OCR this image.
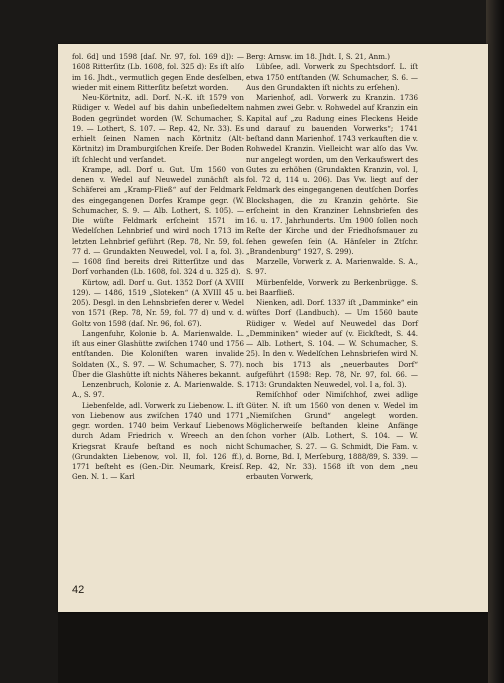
fol. 6d] und 1598 [daſ. Nr. 97, fol. 169 d]): — 1608 Ritterſitz (Lb. 1608, fol. 325 d): Es iſt alſo im 16. Jhdt., vermutlich gegen Ende desſelben, wieder mit einem Ritterſitz beſetzt worden.

Neu-Körtnitz, adl. Dorf. N.-K. iſt 1579 von Rüdiger v. Wedel auf bis dahin unbeſiedeltem Boden gegründet worden (W. Schumacher, S. 19. — Lothert, S. 107. — Rep. 42, Nr. 33). Es erhielt ſeinen Namen nach Körtnitz (Alt-Körtnitz) im Dramburgiſchen Kreiſe. Der Boden iſt ſchlecht und verſandet.

Krampe, adl. Dorf u. Gut. Um 1560 von denen v. Wedel auf Neuwedel zunächſt als Schäferei am „Kramp-Fließ“ auf der Feldmark des eingegangenen Dorfes Krampe gegr. (W. Schumacher, S. 9. — Alb. Lothert, S. 105). — Die wüſte Feldmark erſcheint 1571 im Wedelſchen Lehnbrief und wird noch 1713 im letzten Lehnbrief geführt (Rep. 78, Nr. 59, fol. 77 d. — Grundakten Neuwedel, vol. I a, fol. 3). — 1608 ſind bereits drei Ritterſitze und das Dorf vorhanden (Lb. 1608, fol. 324 d u. 325 d).

Kürtow, adl. Dorf u. Gut. 1352 Dorf (A XVIII 129). — 1486, 1519 „Sloteken“ (A XVIII 45 u. 205). Desgl. in den Lehnsbriefen derer v. Wedel von 1571 (Rep. 78, Nr. 59, fol. 77 d) und v. d. Goltz von 1598 (daſ. Nr. 96, fol. 67).

Langenfuhr, Kolonie b. A. Marienwalde. L. iſt aus einer Glashütte zwiſchen 1740 und 1756 entſtanden. Die Koloniſten waren invalide Soldaten (X., S. 97. — W. Schumacher, S. 77). Über die Glashütte iſt nichts Näheres bekannt.

Lenzenbruch, Kolonie z. A. Marienwalde. S. A., S. 97.

Liebenfelde, adl. Vorwerk zu Liebenow. L. iſt von Liebenow aus zwiſchen 1740 und 1771 gegr. worden. 1740 beim Verkauf Liebenows durch Adam Friedrich v. Wreech an den Kriegsrat Kraufe beſtand es noch nicht (Grundakten Liebenow, vol. II, fol. 126 ff.), 1771 beſteht es (Gen.-Dir. Neumark, Kreisſ. Gen. N. 1. — Karl

Berg: Arnsw. im 18. Jhdt. I, S. 21, Anm.)

Lübſee, adl. Vorwerk zu Spechtsdorf. L. iſt etwa 1750 entſtanden (W. Schumacher, S. 6. — Aus den Grundakten iſt nichts zu erſehen).

Marienhof, adl. Vorwerk zu Kranzin. 1736 nahmen zwei Gebr. v. Rohwedel auf Kranzin ein Kapital auf „zu Radung eines Fleckens Heide und darauf zu bauenden Vorwerks“; 1741 beſtand dann Marienhof. 1743 verkauften die v. Rohwedel Kranzin. Vielleicht war alſo das Vw. nur angelegt worden, um den Verkaufswert des Gutes zu erhöhen (Grundakten Kranzin, vol. I, fol. 72 d, 114 u. 206). Das Vw. liegt auf der Feldmark des eingegangenen deutſchen Dorfes Blockshagen, die zu Kranzin gehörte. Sie erſcheint in den Kranziner Lehnsbriefen des 16. u. 17. Jahrhunderts. Um 1900 ſollen noch Reſte der Kirche und der Friedhofsmauer zu ſehen geweſen ſein (A. Hänſeler in Ztſchr. „Brandenburg“ 1927, S. 299).

Marzelle, Vorwerk z. A. Marienwalde. S. A., S. 97.

Mürbenfelde, Vorwerk zu Berkenbrügge. S. bei Baarfließ.

Nienken, adl. Dorf. 1337 iſt „Damminke“ ein wüſtes Dorf (Landbuch). — Um 1560 baute Rüdiger v. Wedel auf Neuwedel das Dorf „Demminiken“ wieder auf (v. Eickſtedt, S. 44. — Alb. Lothert, S. 104. — W. Schumacher, S. 25). In den v. Wedelſchen Lehnsbriefen wird N. noch bis 1713 als „neuerbautes Dorf“ aufgeführt (1598: Rep. 78, Nr. 97, fol. 66. — 1713: Grundakten Neuwedel, vol. I a, fol. 3).

Remiſchhof oder Nimiſchhof, zwei adlige Güter. N. iſt um 1560 von denen v. Wedel im „Niemiſchen Grund“ angelegt worden. Möglicherweiſe beſtanden kleine Anfänge ſchon vorher (Alb. Lothert, S. 104. — W. Schumacher, S. 27. — G. Schmidt, Die Fam. v. d. Borne, Bd. I, Merſeburg, 1888/89, S. 339. — Rep. 42, Nr. 33). 1568 iſt von dem „neu erbauten Vorwerk,

42
